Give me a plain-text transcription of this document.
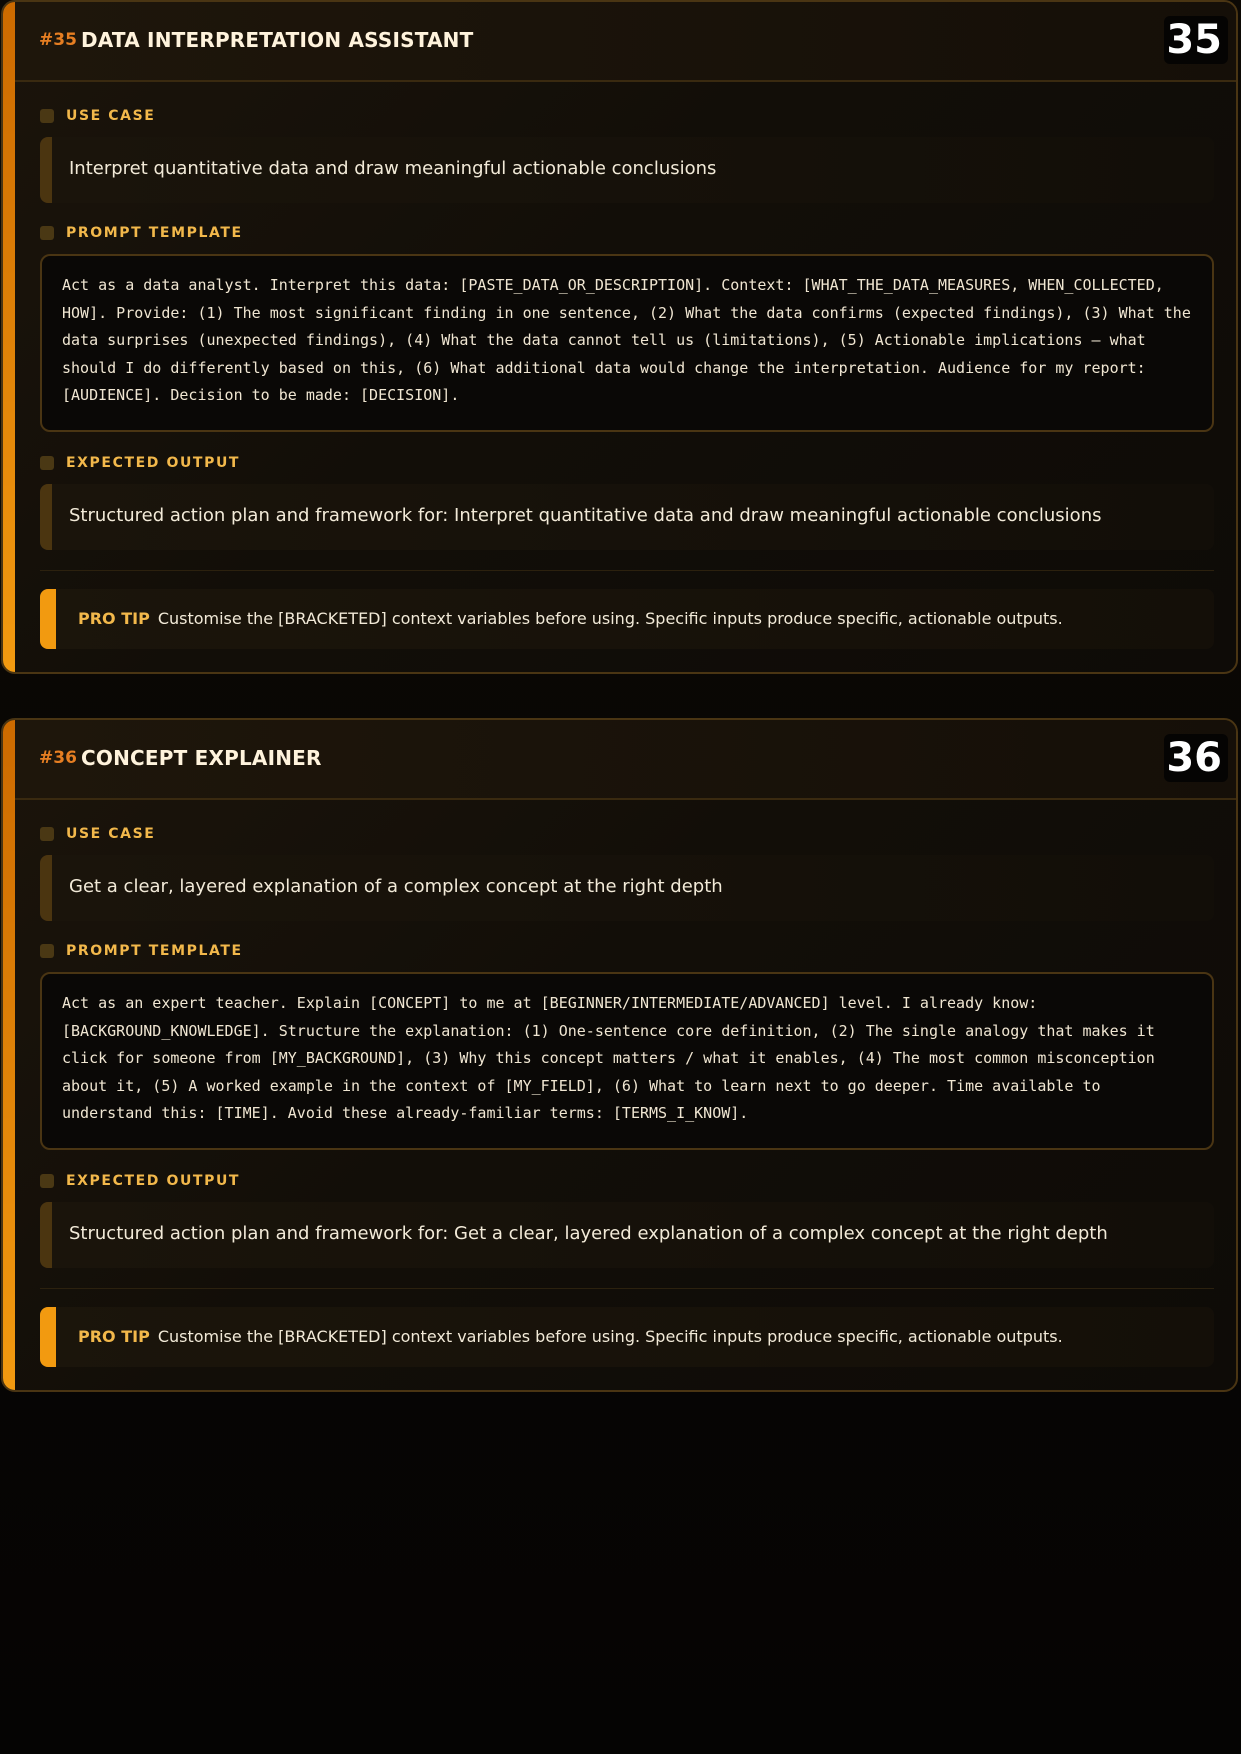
#35 DATA INTERPRETATION ASSISTANT	35
USE CASE
Interpret quantitative data and draw meaningful actionable conclusions
PROMPT TEMPLATE
Act as a data analyst. Interpret this data: [PASTE_DATA_OR_DESCRIPTION]. Context: [WHAT_THE_DATA_MEASURES, WHEN_COLLECTED, HOW]. Provide: (1) The most significant finding in one sentence, (2) What the data confirms (expected findings), (3) What the data surprises (unexpected findings), (4) What the data cannot tell us (limitations), (5) Actionable implications — what should I do differently based on this, (6) What additional data would change the interpretation. Audience for my report: [AUDIENCE]. Decision to be made: [DECISION].
EXPECTED OUTPUT
Structured action plan and framework for: Interpret quantitative data and draw meaningful actionable conclusions
PRO TIP Customise the [BRACKETED] context variables before using. Specific inputs produce specific, actionable outputs.
#36 CONCEPT EXPLAINER	36
USE CASE
Get a clear, layered explanation of a complex concept at the right depth
PROMPT TEMPLATE
Act as an expert teacher. Explain [CONCEPT] to me at [BEGINNER/INTERMEDIATE/ADVANCED] level. I already know: [BACKGROUND_KNOWLEDGE]. Structure the explanation: (1) One-sentence core definition, (2) The single analogy that makes it click for someone from [MY_BACKGROUND], (3) Why this concept matters / what it enables, (4) The most common misconception about it, (5) A worked example in the context of [MY_FIELD], (6) What to learn next to go deeper. Time available to understand this: [TIME]. Avoid these already-familiar terms: [TERMS_I_KNOW].
EXPECTED OUTPUT
Structured action plan and framework for: Get a clear, layered explanation of a complex concept at the right depth
PRO TIP Customise the [BRACKETED] context variables before using. Specific inputs produce specific, actionable outputs.
